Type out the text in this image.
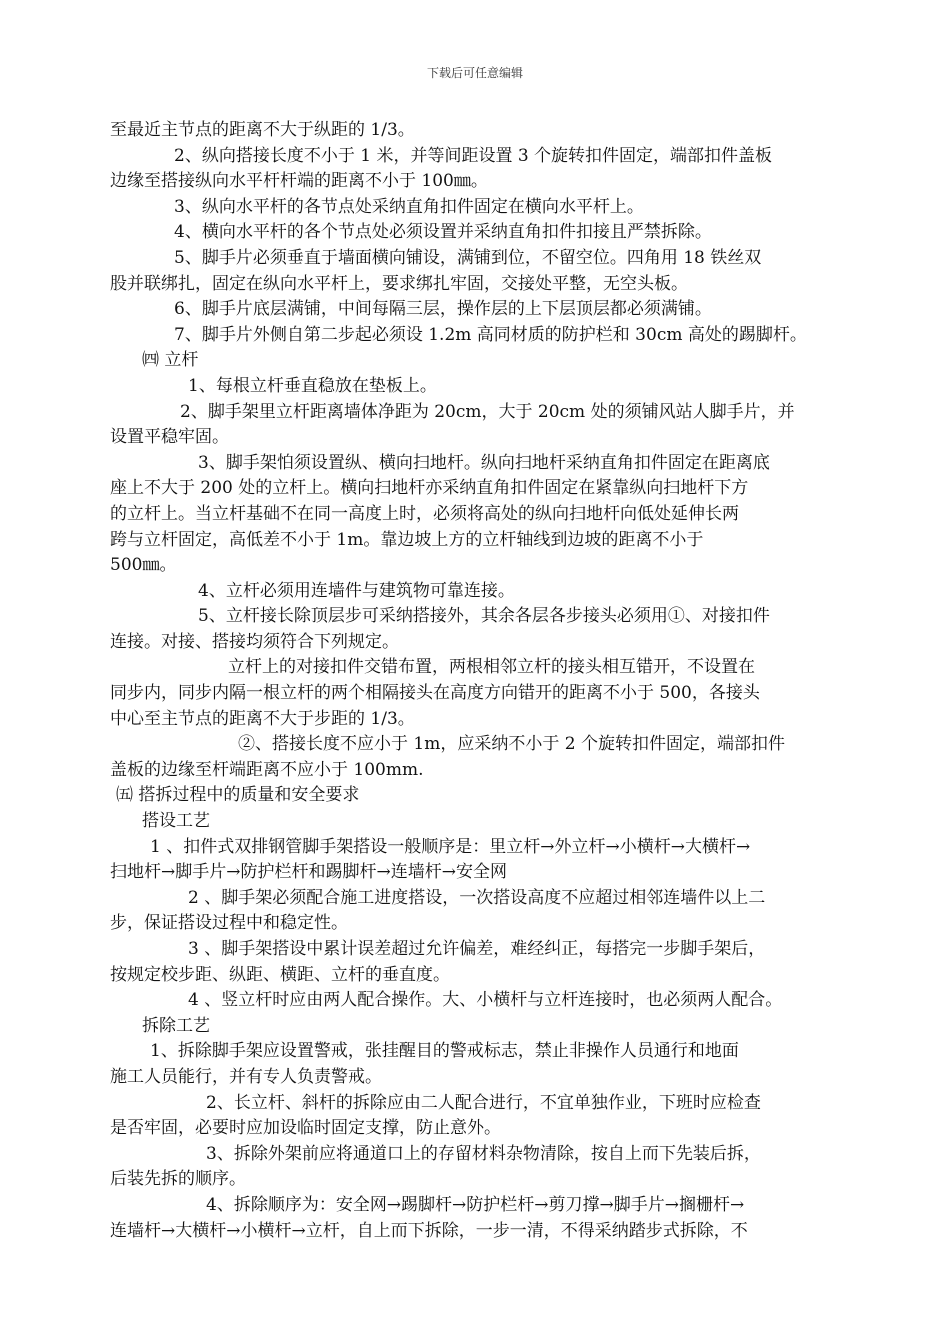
下载后可任意编辑
至最近主节点的距离不大于纵距的 1/3。
2、纵向搭接长度不小于 1 米，并等间距设置 3 个旋转扣件固定，端部扣件盖板
边缘至搭接纵向水平杆杆端的距离不小于 100㎜。
3、纵向水平杆的各节点处采纳直角扣件固定在横向水平杆上。
4、横向水平杆的各个节点处必须设置并采纳直角扣件扣接且严禁拆除。
5、脚手片必须垂直于墙面横向铺设，满铺到位，不留空位。四角用 18 铁丝双
股并联绑扎，固定在纵向水平杆上，要求绑扎牢固，交接处平整，无空头板。
6、脚手片底层满铺，中间每隔三层，操作层的上下层顶层都必须满铺。
7、脚手片外侧自第二步起必须设 1.2m 高同材质的防护栏和 30cm 高处的踢脚杆。
㈣ 立杆
1、每根立杆垂直稳放在垫板上。
2、脚手架里立杆距离墙体净距为 20cm，大于 20cm 处的须铺风站人脚手片，并
设置平稳牢固。
3、脚手架怕须设置纵、横向扫地杆。纵向扫地杆采纳直角扣件固定在距离底
座上不大于 200 处的立杆上。横向扫地杆亦采纳直角扣件固定在紧靠纵向扫地杆下方
的立杆上。当立杆基础不在同一高度上时，必须将高处的纵向扫地杆向低处延伸长两
跨与立杆固定，高低差不小于 1m。靠边坡上方的立杆轴线到边坡的距离不小于
500㎜。
4、立杆必须用连墙件与建筑物可靠连接。
5、立杆接长除顶层步可采纳搭接外，其余各层各步接头必须用①、对接扣件
连接。对接、搭接均须符合下列规定。
立杆上的对接扣件交错布置，两根相邻立杆的接头相互错开，不设置在
同步内，同步内隔一根立杆的两个相隔接头在高度方向错开的距离不小于 500，各接头
中心至主节点的距离不大于步距的 1/3。
②、搭接长度不应小于 1m，应采纳不小于 2 个旋转扣件固定，端部扣件
盖板的边缘至杆端距离不应小于 100mm.
㈤ 搭拆过程中的质量和安全要求
搭设工艺
1 、扣件式双排钢管脚手架搭设一般顺序是：里立杆→外立杆→小横杆→大横杆→
扫地杆→脚手片→防护栏杆和踢脚杆→连墙杆→安全网
2 、脚手架必须配合施工进度搭设，一次搭设高度不应超过相邻连墙件以上二
步，保证搭设过程中和稳定性。
3 、脚手架搭设中累计误差超过允许偏差，难经纠正，每搭完一步脚手架后，
按规定校步距、纵距、横距、立杆的垂直度。
4 、竖立杆时应由两人配合操作。大、小横杆与立杆连接时，也必须两人配合。
拆除工艺
1、拆除脚手架应设置警戒，张挂醒目的警戒标志，禁止非操作人员通行和地面
施工人员能行，并有专人负责警戒。
2、长立杆、斜杆的拆除应由二人配合进行，不宜单独作业，下班时应检查
是否牢固，必要时应加设临时固定支撑，防止意外。
3、拆除外架前应将通道口上的存留材料杂物清除，按自上而下先装后拆，
后装先拆的顺序。
4、拆除顺序为：安全网→踢脚杆→防护栏杆→剪刀撑→脚手片→搁栅杆→
连墙杆→大横杆→小横杆→立杆，自上而下拆除，一步一清，不得采纳踏步式拆除，不
